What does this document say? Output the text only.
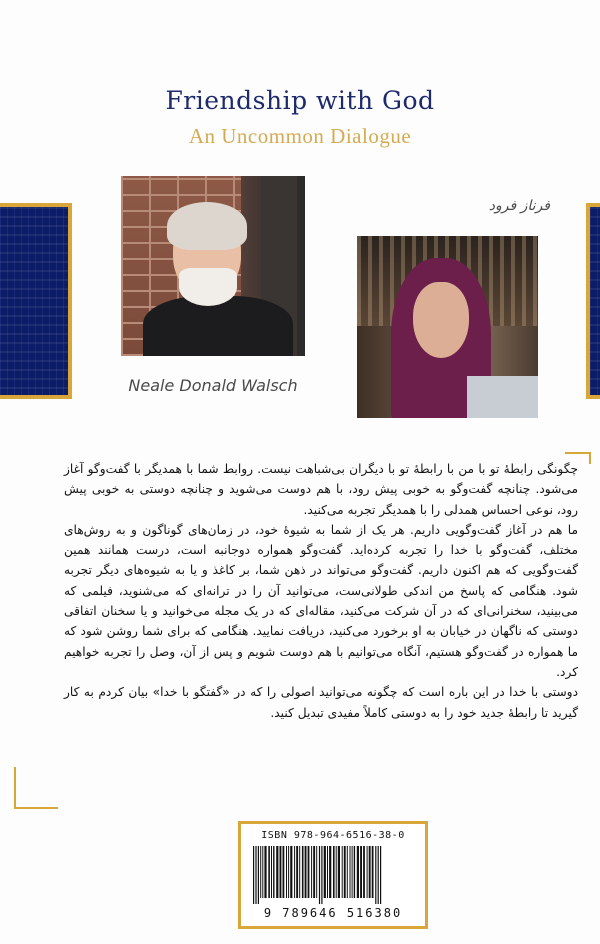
Friendship with God
An Uncommon Dialogue
فرناز فرود
Neale Donald Walsch

چگونگی رابطهٔ تو با من با رابطهٔ تو با دیگران بی‌شباهت نیست. روابط شما با همدیگر با گفت‌وگو آغاز می‌شود. چنانچه گفت‌وگو به خوبی پیش رود، با هم دوست می‌شوید و چنانچه دوستی به خوبی پیش رود، نوعی احساس همدلی را با همدیگر تجربه می‌کنید.

ما هم در آغاز گفت‌وگویی داریم. هر یک از شما به شیوهٔ خود، در زمان‌های گوناگون و به روش‌های مختلف، گفت‌وگو با خدا را تجربه کرده‌اید. گفت‌وگو همواره دوجانبه است، درست همانند همین گفت‌وگویی که هم اکنون داریم. گفت‌وگو می‌تواند در ذهن شما، بر کاغذ و یا به شیوه‌های دیگر تجربه شود. هنگامی که پاسخ من اندکی طولانی‌ست، می‌توانید آن را در ترانه‌ای که می‌شنوید، فیلمی که می‌بینید، سخنرانی‌ای که در آن شرکت می‌کنید، مقاله‌ای که در یک مجله می‌خوانید و یا سخنان اتفاقی دوستی که ناگهان در خیابان به او برخورد می‌کنید، دریافت نمایید. هنگامی که برای شما روشن شود که ما همواره در گفت‌وگو هستیم، آنگاه می‌توانیم با هم دوست شویم و پس از آن، وصل را تجربه خواهیم کرد.

دوستی با خدا در این باره است که چگونه می‌توانید اصولی را که در «گفتگو با خدا» بیان کردم به کار گیرید تا رابطهٔ جدید خود را به دوستی کاملاً مفیدی تبدیل کنید.

ISBN 978-964-6516-38-0
9 789646 516380
